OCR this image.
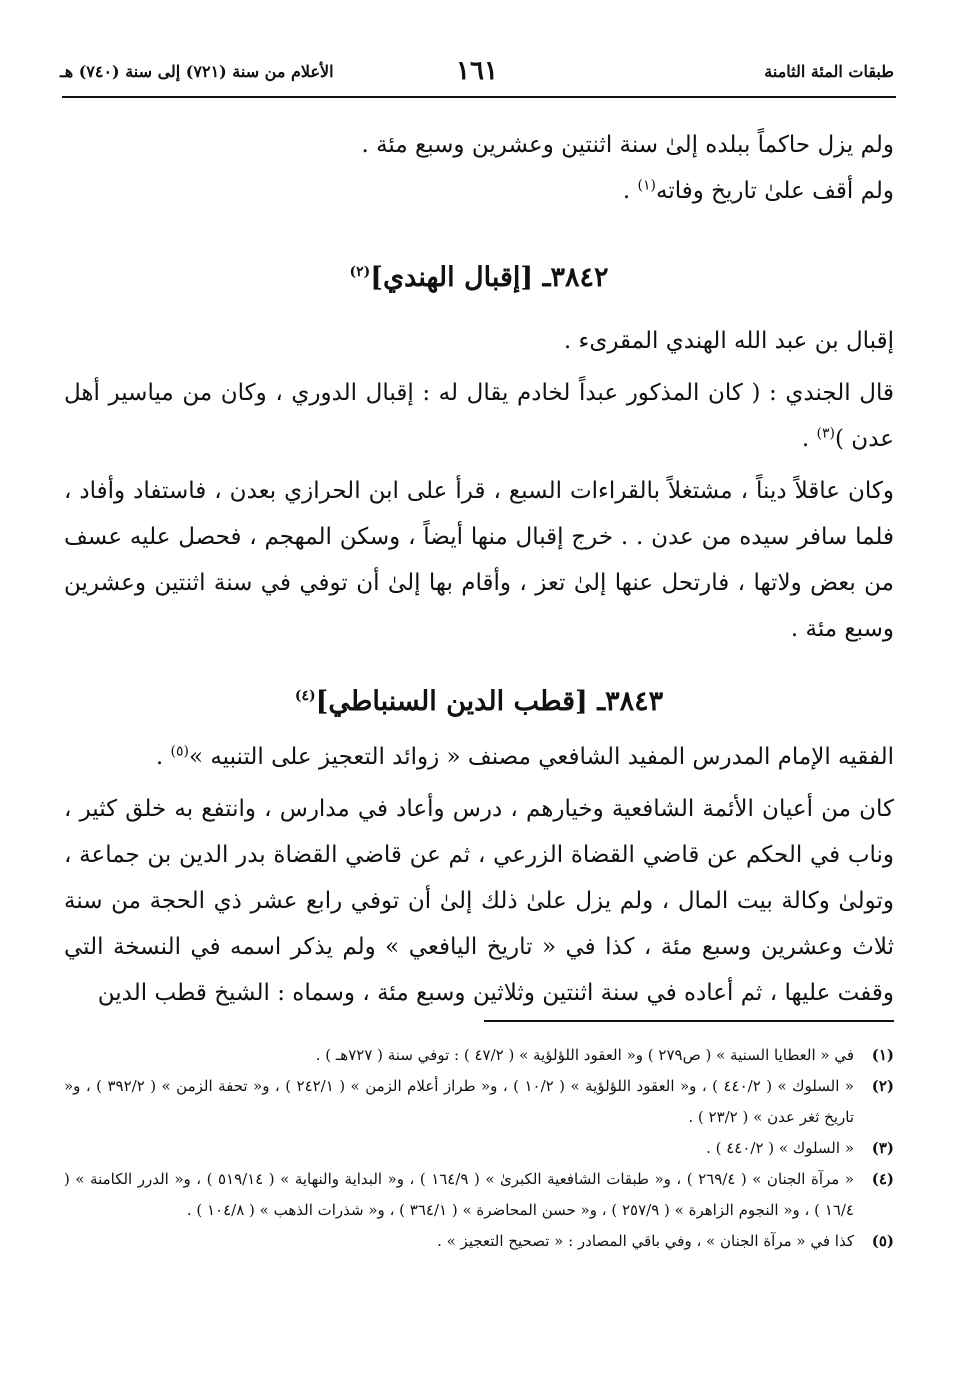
طبقات المئة الثامنة
١٦١
الأعلام من سنة (٧٢١) إلى سنة (٧٤٠) هـ

ولم يزل حاكماً ببلده إلىٰ سنة اثنتين وعشرين وسبع مئة .

ولم أقف علىٰ تاريخ وفاته$^{(١)}$ .

٣٨٤٢ـ [إقبال الهندي]$^{(٢)}$

إقبال بن عبد الله الهندي المقرىء .

قال الجندي : ( كان المذكور عبداً لخادم يقال له : إقبال الدوري ، وكان من مياسير أهل عدن )$^{(٣)}$ .

وكان عاقلاً ديناً ، مشتغلاً بالقراءات السبع ، قرأ على ابن الحرازي بعدن ، فاستفاد وأفاد ، فلما سافر سيده من عدن . . خرج إقبال منها أيضاً ، وسكن المهجم ، فحصل عليه عسف من بعض ولاتها ، فارتحل عنها إلىٰ تعز ، وأقام بها إلىٰ أن توفي في سنة اثنتين وعشرين وسبع مئة .

٣٨٤٣ـ [قطب الدين السنباطي]$^{(٤)}$

الفقيه الإمام المدرس المفيد الشافعي مصنف « زوائد التعجيز على التنبيه »$^{(٥)}$ .

كان من أعيان الأئمة الشافعية وخيارهم ، درس وأعاد في مدارس ، وانتفع به خلق كثير ، وناب في الحكم عن قاضي القضاة الزرعي ، ثم عن قاضي القضاة بدر الدين بن جماعة ، وتولىٰ وكالة بيت المال ، ولم يزل علىٰ ذلك إلىٰ أن توفي رابع عشر ذي الحجة من سنة ثلاث وعشرين وسبع مئة ، كذا في « تاريخ اليافعي » ولم يذكر اسمه في النسخة التي وقفت عليها ، ثم أعاده في سنة اثنتين وثلاثين وسبع مئة ، وسماه : الشيخ قطب الدين

(١)
في « العطايا السنية » ( ص٢٧٩ ) و« العقود اللؤلؤية » ( ٤٧/٢ ) : توفي سنة ( ٧٢٧هـ ) .
(٢)
« السلوك » ( ٤٤٠/٢ ) ، و« العقود اللؤلؤية » ( ١٠/٢ ) ، و« طراز أعلام الزمن » ( ٢٤٢/١ ) ، و« تحفة الزمن » ( ٣٩٢/٢ ) ، و« تاريخ ثغر عدن » ( ٢٣/٢ ) .
(٣)
« السلوك » ( ٤٤٠/٢ ) .
(٤)
« مرآة الجنان » ( ٢٦٩/٤ ) ، و« طبقات الشافعية الكبرىٰ » ( ١٦٤/٩ ) ، و« البداية والنهاية » ( ٥١٩/١٤ ) ، و« الدرر الكامنة » ( ١٦/٤ ) ، و« النجوم الزاهرة » ( ٢٥٧/٩ ) ، و« حسن المحاضرة » ( ٣٦٤/١ ) ، و« شذرات الذهب » ( ١٠٤/٨ ) .
(٥)
كذا في « مرآة الجنان » ، وفي باقي المصادر : « تصحيح التعجيز » .
